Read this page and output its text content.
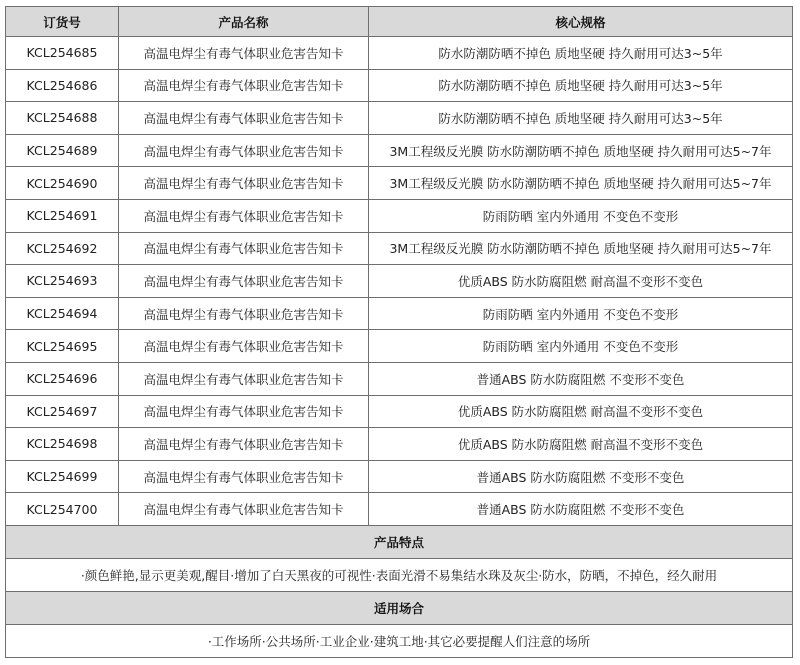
订货号	产品名称	核心规格
KCL254685	高温电焊尘有毒气体职业危害告知卡	防水防潮防晒不掉色 质地坚硬 持久耐用可达3~5年
KCL254686	高温电焊尘有毒气体职业危害告知卡	防水防潮防晒不掉色 质地坚硬 持久耐用可达3~5年
KCL254688	高温电焊尘有毒气体职业危害告知卡	防水防潮防晒不掉色 质地坚硬 持久耐用可达3~5年
KCL254689	高温电焊尘有毒气体职业危害告知卡	3M工程级反光膜 防水防潮防晒不掉色 质地坚硬 持久耐用可达5~7年
KCL254690	高温电焊尘有毒气体职业危害告知卡	3M工程级反光膜 防水防潮防晒不掉色 质地坚硬 持久耐用可达5~7年
KCL254691	高温电焊尘有毒气体职业危害告知卡	防雨防晒 室内外通用 不变色不变形
KCL254692	高温电焊尘有毒气体职业危害告知卡	3M工程级反光膜 防水防潮防晒不掉色 质地坚硬 持久耐用可达5~7年
KCL254693	高温电焊尘有毒气体职业危害告知卡	优质ABS 防水防腐阻燃 耐高温不变形不变色
KCL254694	高温电焊尘有毒气体职业危害告知卡	防雨防晒 室内外通用 不变色不变形
KCL254695	高温电焊尘有毒气体职业危害告知卡	防雨防晒 室内外通用 不变色不变形
KCL254696	高温电焊尘有毒气体职业危害告知卡	普通ABS 防水防腐阻燃 不变形不变色
KCL254697	高温电焊尘有毒气体职业危害告知卡	优质ABS 防水防腐阻燃 耐高温不变形不变色
KCL254698	高温电焊尘有毒气体职业危害告知卡	优质ABS 防水防腐阻燃 耐高温不变形不变色
KCL254699	高温电焊尘有毒气体职业危害告知卡	普通ABS 防水防腐阻燃 不变形不变色
KCL254700	高温电焊尘有毒气体职业危害告知卡	普通ABS 防水防腐阻燃 不变形不变色
产品特点		
·颜色鲜艳,显示更美观,醒目·增加了白天黑夜的可视性·表面光滑不易集结水珠及灰尘·防水，防晒，不掉色，经久耐用		
适用场合		
·工作场所·公共场所·工业企业·建筑工地·其它必要提醒人们注意的场所		
